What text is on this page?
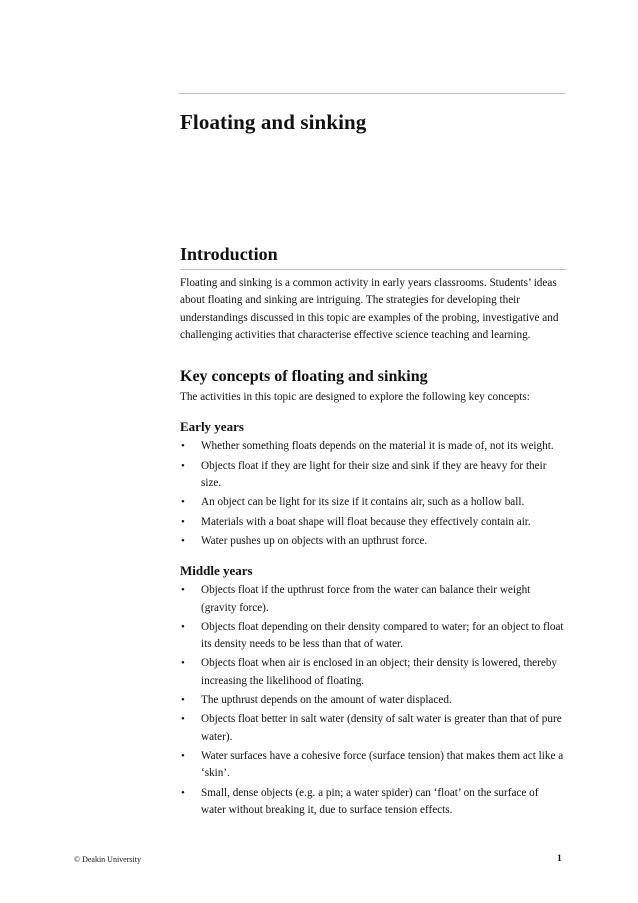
Floating and sinking
Introduction

Floating and sinking is a common activity in early years classrooms. Students’ ideas about floating and sinking are intriguing. The strategies for developing their understandings discussed in this topic are examples of the probing, investigative and challenging activities that characterise effective science teaching and learning.

Key concepts of floating and sinking

The activities in this topic are designed to explore the following key concepts:

Early years
• Whether something floats depends on the material it is made of, not its weight.
• Objects float if they are light for their size and sink if they are heavy for their size.
• An object can be light for its size if it contains air, such as a hollow ball.
• Materials with a boat shape will float because they effectively contain air.
• Water pushes up on objects with an upthrust force.
Middle years
• Objects float if the upthrust force from the water can balance their weight (gravity force).
• Objects float depending on their density compared to water; for an object to float its density needs to be less than that of water.
• Objects float when air is enclosed in an object; their density is lowered, thereby increasing the likelihood of floating.
• The upthrust depends on the amount of water displaced.
• Objects float better in salt water (density of salt water is greater than that of pure water).
• Water surfaces have a cohesive force (surface tension) that makes them act like a ‘skin’.
• Small, dense objects (e.g. a pin; a water spider) can ‘float’ on the surface of water without breaking it, due to surface tension effects.
© Deakin University	1
